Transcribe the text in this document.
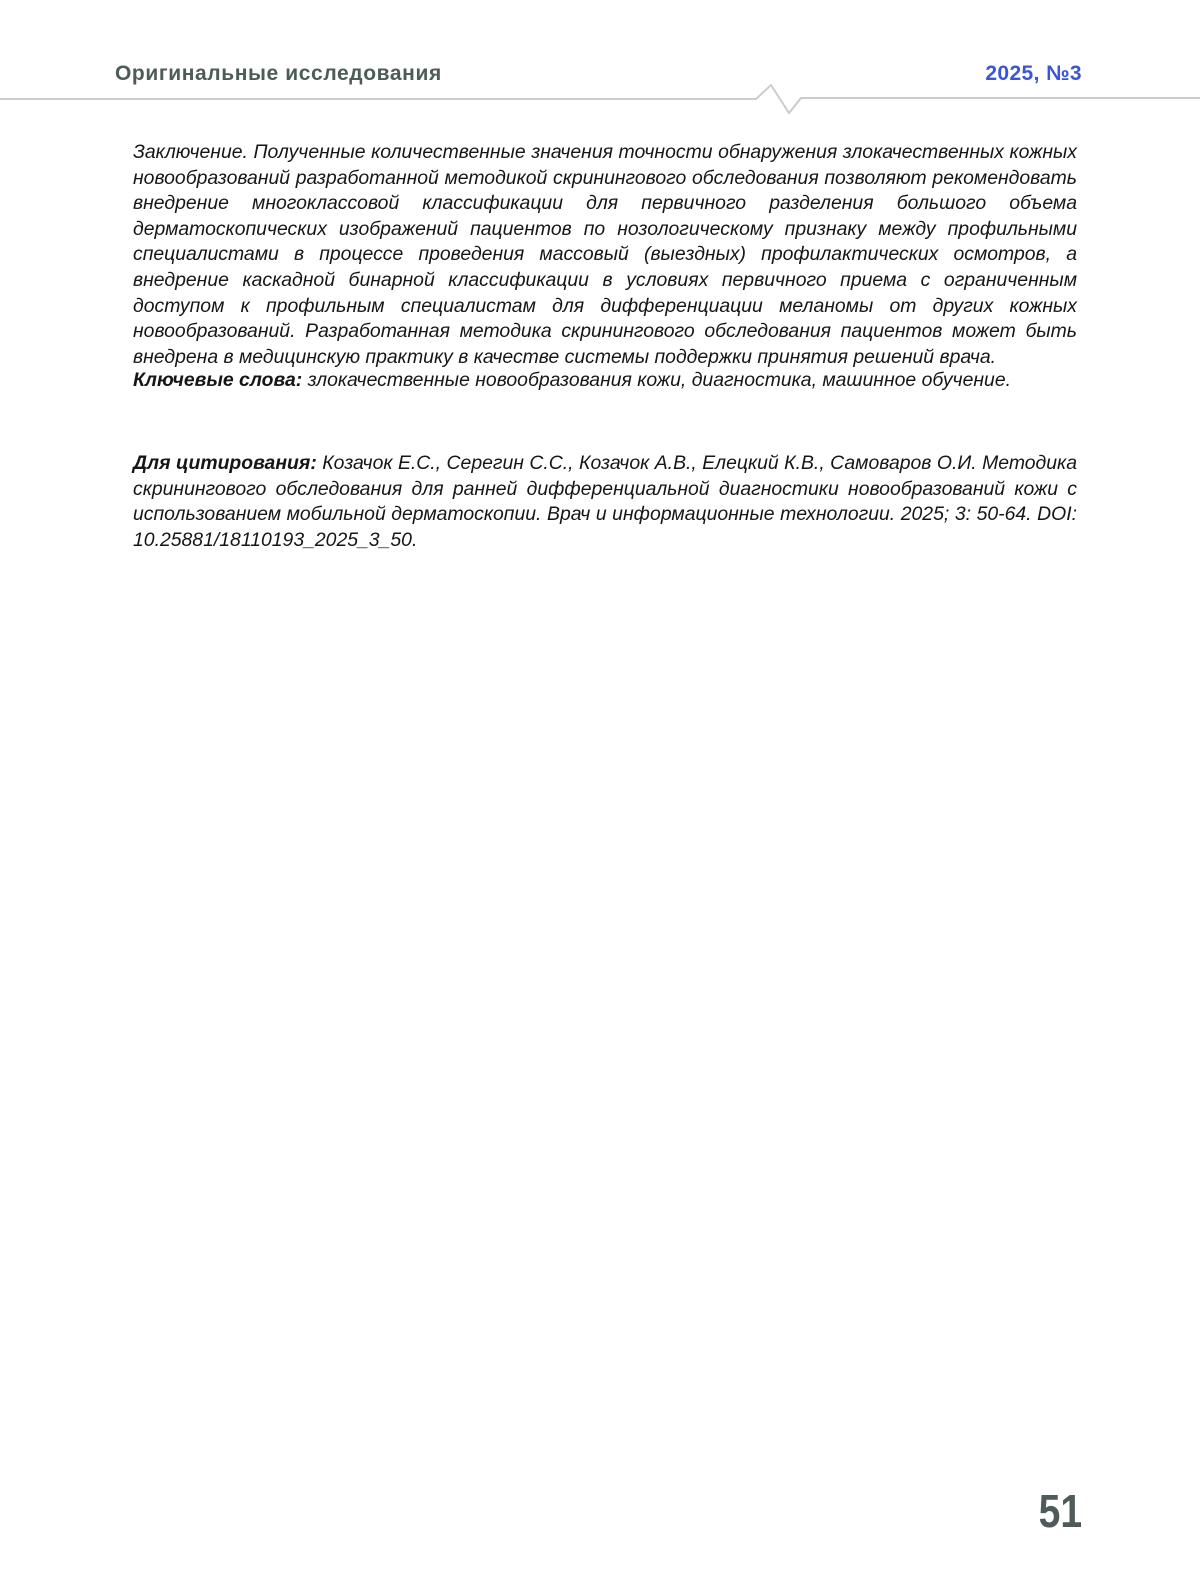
Оригинальные исследования	2025, №3
Заключение. Полученные количественные значения точности обнаружения злокачественных кожных новообразований разработанной методикой скринингового обследования позволяют рекомендовать внедрение многоклассовой классификации для первичного разделения большого объема дерматоскопических изображений пациентов по нозологическому признаку между профильными специалистами в процессе проведения массовый (выездных) профилактических осмотров, а внедрение каскадной бинарной классификации в условиях первичного приема с ограниченным доступом к профильным специалистам для дифференциации меланомы от других кожных новообразований. Разработанная методика скринингового обследования пациентов может быть внедрена в медицинскую практику в качестве системы поддержки принятия решений врача.
Ключевые слова: злокачественные новообразования кожи, диагностика, машинное обучение.
Для цитирования: Козачок Е.С., Серегин С.С., Козачок А.В., Елецкий К.В., Самоваров О.И. Методика скринингового обследования для ранней дифференциальной диагностики новообразований кожи с использованием мобильной дерматоскопии. Врач и информационные технологии. 2025; 3: 50-64. DOI: 10.25881/18110193_2025_3_50.
51
